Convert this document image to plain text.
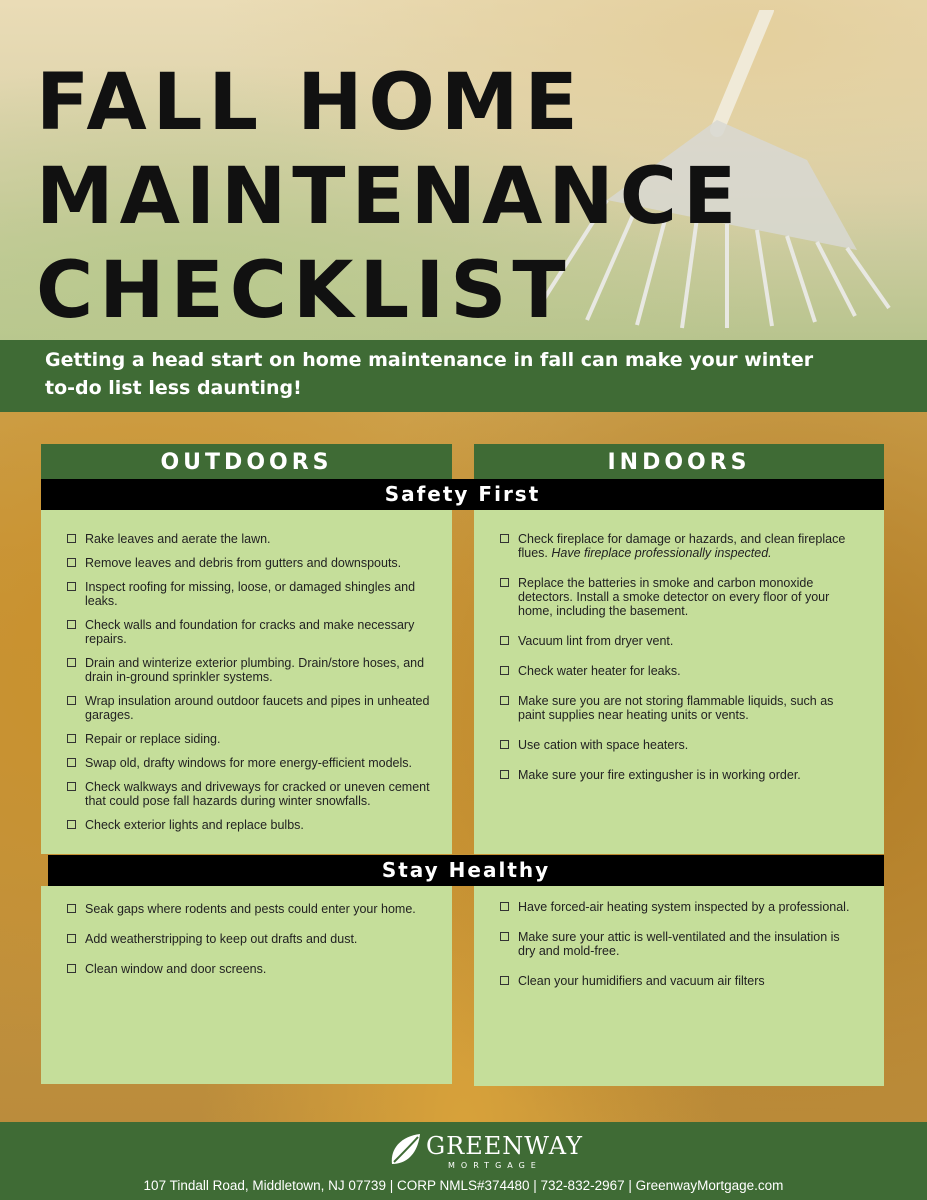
FALL HOME
MAINTENANCE
CHECKLIST
Getting a head start on home maintenance in fall can make your winter
to-do list less daunting!
OUTDOORS	INDOORS
Safety First
Stay Healthy
Rake leaves and aerate the lawn.
Remove leaves and debris from gutters and downspouts.
Inspect roofing for missing, loose, or damaged shingles and leaks.
Check walls and foundation for cracks and make necessary repairs.
Drain and winterize exterior plumbing. Drain/store hoses, and drain in-ground sprinkler systems.
Wrap insulation around outdoor faucets and pipes in unheated garages.
Repair or replace siding.
Swap old, drafty windows for more energy-efficient models.
Check walkways and driveways for cracked or uneven cement that could pose fall hazards during winter snowfalls.
Check exterior lights and replace bulbs.
Check fireplace for damage or hazards, and clean fireplace flues. Have fireplace professionally inspected.
Replace the batteries in smoke and carbon monoxide detectors. Install a smoke detector on every floor of your home, including the basement.
Vacuum lint from dryer vent.
Check water heater for leaks.
Make sure you are not storing flammable liquids, such as paint supplies near heating units or vents.
Use cation with space heaters.
Make sure your fire extingusher is in working order.
Seak gaps where rodents and pests could enter your home.
Add weatherstripping to keep out drafts and dust.
Clean window and door screens.
Have forced-air heating system inspected by a professional.
Make sure your attic is well-ventilated and the insulation is dry and mold-free.
Clean your humidifiers and vacuum air filters
GREENWAY
MORTGAGE
107 Tindall Road, Middletown, NJ 07739 | CORP NMLS#374480 | 732-832-2967 | GreenwayMortgage.com
